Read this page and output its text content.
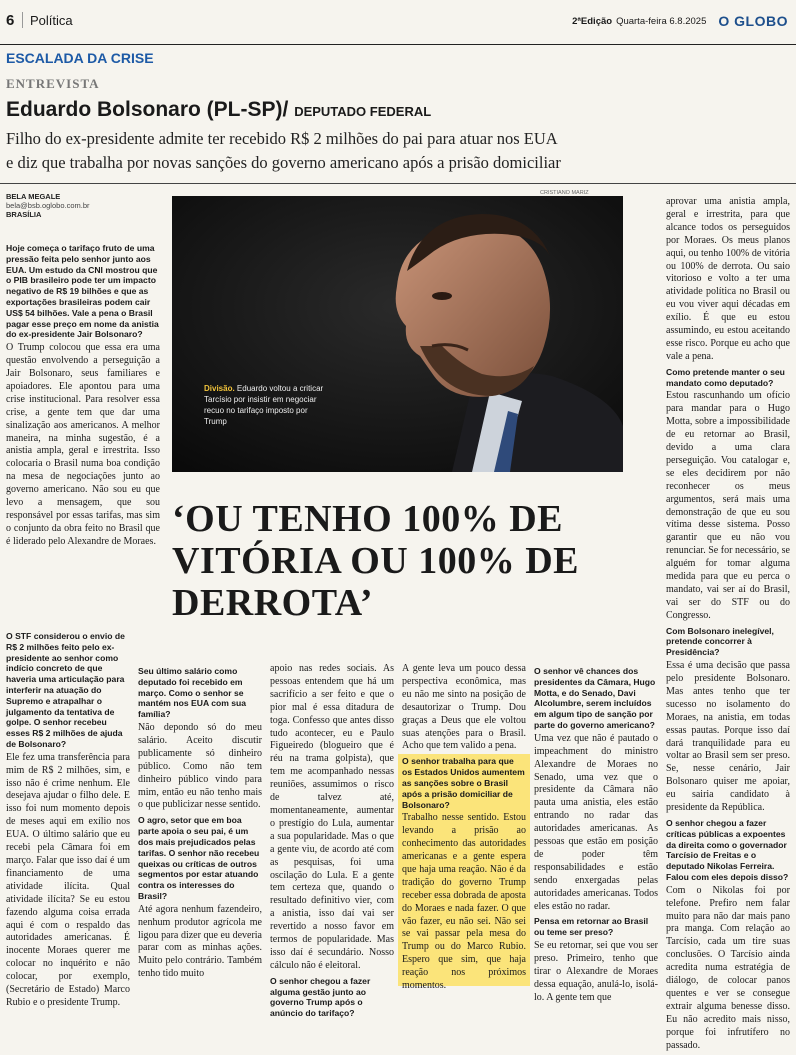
6 Política	2ªEdição Quarta-feira 6.8.2025 O GLOBO
ESCALADA DA CRISE
ENTREVISTA
Eduardo Bolsonaro (PL-SP)/ DEPUTADO FEDERAL
Filho do ex-presidente admite ter recebido R$ 2 milhões do pai para atuar nos EUA
e diz que trabalha por novas sanções do governo americano após a prisão domiciliar
BELA MEGALE
bela@bsb.oglobo.com.br
BRASÍLIA
CRISTIANO MARIZ
Divisão. Eduardo voltou a criticar Tarcísio por insistir em negociar recuo no tarifaço imposto por Trump
‘OU TENHO 100% DE VITÓRIA OU 100% DE DERROTA’
Hoje começa o tarifaço fruto de uma pressão feita pelo senhor junto aos EUA. Um estudo da CNI mostrou que o PIB brasileiro pode ter um impacto negativo de R$ 19 bilhões e que as exportações brasileiras podem cair US$ 54 bilhões. Vale a pena o Brasil pagar esse preço em nome da anistia do ex-presidente Jair Bolsonaro?

O Trump colocou que essa era uma questão envolvendo a perseguição a Jair Bolsonaro, seus familiares e apoiadores. Ele apontou para uma crise institucional. Para resolver essa crise, a gente tem que dar uma sinalização aos americanos. A melhor maneira, na minha sugestão, é a anistia ampla, geral e irrestrita. Isso colocaria o Brasil numa boa condição na mesa de negociações junto ao governo americano. Não sou eu que levo a mensagem, que sou responsável por essas tarifas, mas sim o conjunto da obra feito no Brasil que é liderado pelo Alexandre de Moraes.

O STF considerou o envio de R$ 2 milhões feito pelo ex-presidente ao senhor como indício concreto de que haveria uma articulação para interferir na atuação do Supremo e atrapalhar o julgamento da tentativa de golpe. O senhor recebeu esses R$ 2 milhões de ajuda de Bolsonaro?

Ele fez uma transferência para mim de R$ 2 milhões, sim, e isso não é crime nenhum. Ele desejava ajudar o filho dele. E isso foi num momento depois de meses aqui em exílio nos EUA. O último salário que eu recebi pela Câmara foi em março. Falar que isso daí é um financiamento de uma atividade ilícita. Qual atividade ilícita? Se eu estou fazendo alguma coisa errada aqui é com o respaldo das autoridades americanas. É inocente Moraes querer me colocar no inquérito e não colocar, por exemplo, (Secretário de Estado) Marco Rubio e o presidente Trump.

Seu último salário como deputado foi recebido em março. Como o senhor se mantém nos EUA com sua família?

Não depondo só do meu salário. Aceito discutir publicamente só dinheiro público. Como não tem dinheiro público vindo para mim, então eu não tenho mais o que publicizar nesse sentido.

O agro, setor que em boa parte apoia o seu pai, é um dos mais prejudicados pelas tarifas. O senhor não recebeu queixas ou críticas de outros segmentos por estar atuando contra os interesses do Brasil?

Até agora nenhum fazendeiro, nenhum produtor agrícola me ligou para dizer que eu deveria parar com as minhas ações. Muito pelo contrário. Também tenho tido muito

apoio nas redes sociais. As pessoas entendem que há um sacrifício a ser feito e que o pior mal é essa ditadura de toga. Confesso que antes disso tudo acontecer, eu e Paulo Figueiredo (blogueiro que é réu na trama golpista), que tem me acompanhado nessas reuniões, assumimos o risco de talvez até, momentaneamente, aumentar o prestígio do Lula, aumentar a sua popularidade. Mas o que a gente viu, de acordo até com as pesquisas, foi uma oscilação do Lula. E a gente tem certeza que, quando o resultado definitivo vier, com a anistia, isso daí vai ser revertido a nosso favor em termos de popularidade. Mas isso daí é secundário. Nosso cálculo não é eleitoral.

O senhor chegou a fazer alguma gestão junto ao governo Trump após o anúncio do tarifaço?

A gente leva um pouco dessa perspectiva econômica, mas eu não me sinto na posição de desautorizar o Trump. Dou graças a Deus que ele voltou suas atenções para o Brasil. Acho que tem valido a pena.

O senhor trabalha para que os Estados Unidos aumentem as sanções sobre o Brasil após a prisão domiciliar de Bolsonaro?

Trabalho nesse sentido. Estou levando a prisão ao conhecimento das autoridades americanas e a gente espera que haja uma reação. Não é da tradição do governo Trump receber essa dobrada de aposta do Moraes e nada fazer. O que vão fazer, eu não sei. Não sei se vai passar pela mesa do Trump ou do Marco Rubio. Espero que sim, que haja reação nos próximos momentos.

O senhor vê chances dos presidentes da Câmara, Hugo Motta, e do Senado, Davi Alcolumbre, serem incluídos em algum tipo de sanção por parte do governo americano?

Uma vez que não é pautado o impeachment do ministro Alexandre de Moraes no Senado, uma vez que o presidente da Câmara não pauta uma anistia, eles estão entrando no radar das autoridades americanas. As pessoas que estão em posição de poder têm responsabilidades e estão sendo enxergadas pelas autoridades americanas. Todos eles estão no radar.

Pensa em retornar ao Brasil ou teme ser preso?

Se eu retornar, sei que vou ser preso. Primeiro, tenho que tirar o Alexandre de Moraes dessa equação, anulá-lo, isolá-lo. A gente tem que

aprovar uma anistia ampla, geral e irrestrita, para que alcance todos os perseguidos por Moraes. Os meus planos aqui, ou tenho 100% de vitória ou 100% de derrota. Ou saio vitorioso e volto a ter uma atividade política no Brasil ou eu vou viver aqui décadas em exílio. É que eu estou assumindo, eu estou aceitando esse risco. Porque eu acho que vale a pena.

Como pretende manter o seu mandato como deputado?

Estou rascunhando um ofício para mandar para o Hugo Motta, sobre a impossibilidade de eu retornar ao Brasil, devido a uma clara perseguição. Vou catalogar e, se eles decidirem por não reconhecer os meus argumentos, será mais uma demonstração de que eu sou vítima desse sistema. Posso garantir que eu não vou renunciar. Se for necessário, se alguém for tomar alguma medida para que eu perca o mandato, vai ser aí do Brasil, vai ser do STF ou do Congresso.

Com Bolsonaro inelegível, pretende concorrer à Presidência?

Essa é uma decisão que passa pelo presidente Bolsonaro. Mas antes tenho que ter sucesso no isolamento do Moraes, na anistia, em todas essas pautas. Porque isso daí dará tranquilidade para eu voltar ao Brasil sem ser preso. Se, nesse cenário, Jair Bolsonaro quiser me apoiar, eu sairia candidato à presidente da República.

O senhor chegou a fazer críticas públicas a expoentes da direita como o governador Tarcísio de Freitas e o deputado Nikolas Ferreira. Falou com eles depois disso?

Com o Nikolas foi por telefone. Prefiro nem falar muito para não dar mais pano pra manga. Com relação ao Tarcísio, cada um tire suas conclusões. O Tarcísio ainda acredita numa estratégia de diálogo, de colocar panos quentes e ver se consegue extrair alguma benesse disso. Eu não acredito mais nisso, porque foi infrutífero no passado.
